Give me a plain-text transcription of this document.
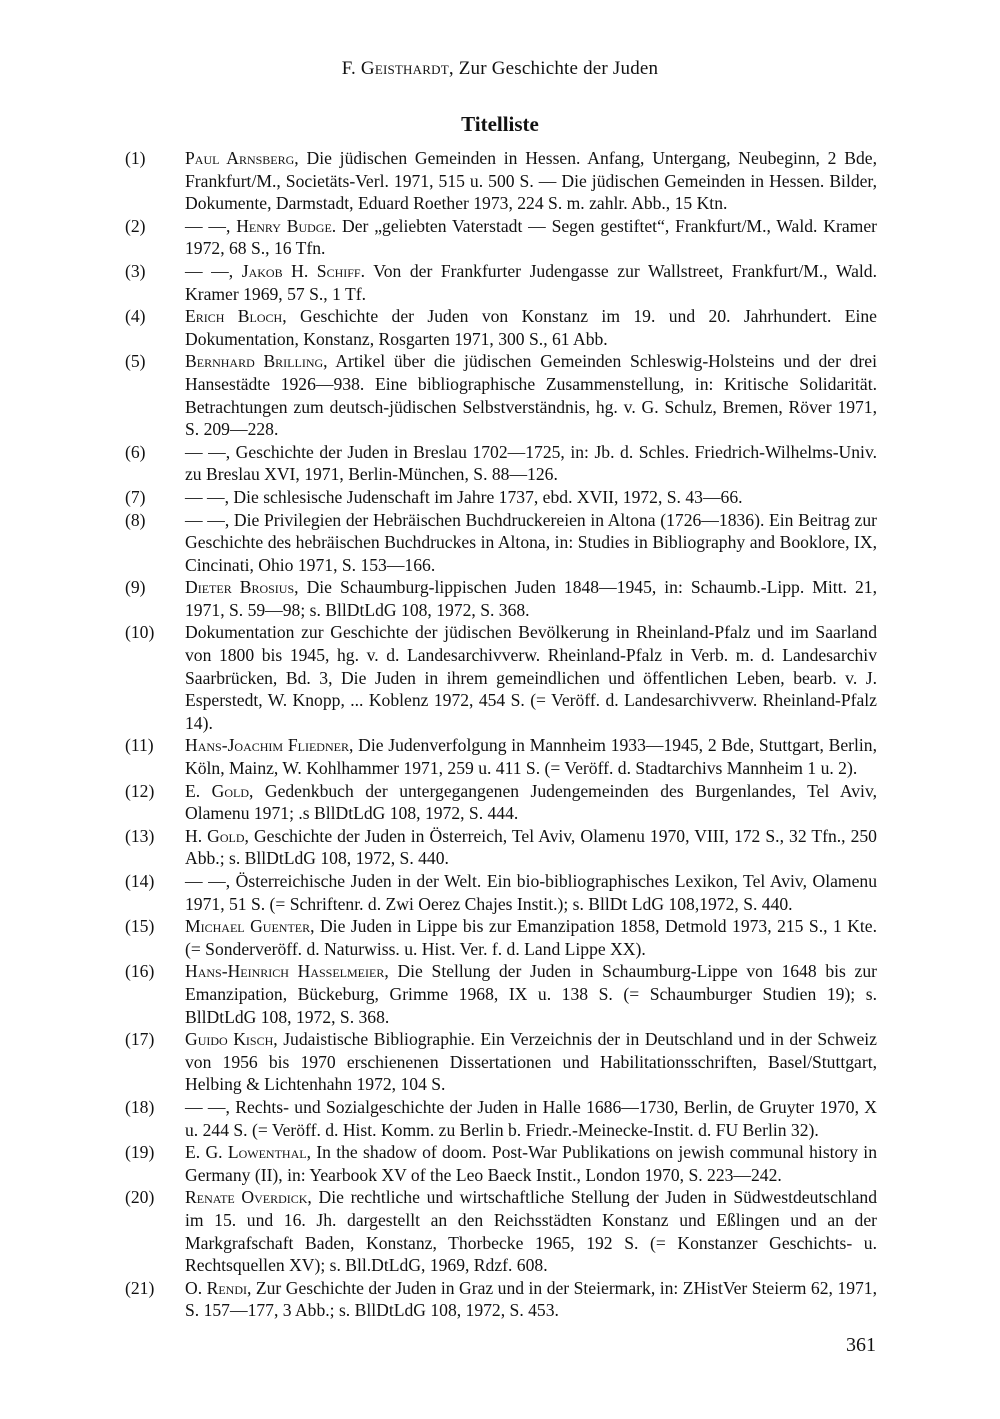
F. Geisthardt, Zur Geschichte der Juden
Titelliste
(1)	Paul Arnsberg, Die jüdischen Gemeinden in Hessen. Anfang, Untergang, Neubeginn, 2 Bde, Frankfurt/M., Societäts-Verl. 1971, 515 u. 500 S. — Die jüdischen Gemeinden in Hessen. Bilder, Dokumente, Darmstadt, Eduard Roether 1973, 224 S. m. zahlr. Abb., 15 Ktn.
(2)	— —, Henry Budge. Der „geliebten Vaterstadt — Segen gestiftet“, Frankfurt/M., Wald. Kramer 1972, 68 S., 16 Tfn.
(3)	— —, Jakob H. Schiff. Von der Frankfurter Judengasse zur Wallstreet, Frankfurt/M., Wald. Kramer 1969, 57 S., 1 Tf.
(4)	Erich Bloch, Geschichte der Juden von Konstanz im 19. und 20. Jahrhundert. Eine Dokumentation, Konstanz, Rosgarten 1971, 300 S., 61 Abb.
(5)	Bernhard Brilling, Artikel über die jüdischen Gemeinden Schleswig-Holsteins und der drei Hansestädte 1926—938. Eine bibliographische Zusammenstellung, in: Kritische Solidarität. Betrachtungen zum deutsch-jüdischen Selbstverständnis, hg. v. G. Schulz, Bremen, Röver 1971, S. 209—228.
(6)	— —, Geschichte der Juden in Breslau 1702—1725, in: Jb. d. Schles. Friedrich-Wilhelms-Univ. zu Breslau XVI, 1971, Berlin-München, S. 88—126.
(7)	— —, Die schlesische Judenschaft im Jahre 1737, ebd. XVII, 1972, S. 43—66.
(8)	— —, Die Privilegien der Hebräischen Buchdruckereien in Altona (1726—1836). Ein Beitrag zur Geschichte des hebräischen Buchdruckes in Altona, in: Studies in Bibliography and Booklore, IX, Cincinati, Ohio 1971, S. 153—166.
(9)	Dieter Brosius, Die Schaumburg-lippischen Juden 1848—1945, in: Schaumb.-Lipp. Mitt. 21, 1971, S. 59—98; s. BllDtLdG 108, 1972, S. 368.
(10)	Dokumentation zur Geschichte der jüdischen Bevölkerung in Rheinland-Pfalz und im Saarland von 1800 bis 1945, hg. v. d. Landesarchivverw. Rheinland-Pfalz in Verb. m. d. Landesarchiv Saarbrücken, Bd. 3, Die Juden in ihrem gemeindlichen und öffentlichen Leben, bearb. v. J. Esperstedt, W. Knopp, ... Koblenz 1972, 454 S. (= Veröff. d. Landesarchivverw. Rheinland-Pfalz 14).
(11)	Hans-Joachim Fliedner, Die Judenverfolgung in Mannheim 1933—1945, 2 Bde, Stuttgart, Berlin, Köln, Mainz, W. Kohlhammer 1971, 259 u. 411 S. (= Veröff. d. Stadtarchivs Mannheim 1 u. 2).
(12)	E. Gold, Gedenkbuch der untergegangenen Judengemeinden des Burgenlandes, Tel Aviv, Olamenu 1971; .s BllDtLdG 108, 1972, S. 444.
(13)	H. Gold, Geschichte der Juden in Österreich, Tel Aviv, Olamenu 1970, VIII, 172 S., 32 Tfn., 250 Abb.; s. BllDtLdG 108, 1972, S. 440.
(14)	— —, Österreichische Juden in der Welt. Ein bio-bibliographisches Lexikon, Tel Aviv, Olamenu 1971, 51 S. (= Schriftenr. d. Zwi Oerez Chajes Instit.); s. BllDt LdG 108,1972, S. 440.
(15)	Michael Guenter, Die Juden in Lippe bis zur Emanzipation 1858, Detmold 1973, 215 S., 1 Kte. (= Sonderveröff. d. Naturwiss. u. Hist. Ver. f. d. Land Lippe XX).
(16)	Hans-Heinrich Hasselmeier, Die Stellung der Juden in Schaumburg-Lippe von 1648 bis zur Emanzipation, Bückeburg, Grimme 1968, IX u. 138 S. (= Schaumburger Studien 19); s. BllDtLdG 108, 1972, S. 368.
(17)	Guido Kisch, Judaistische Bibliographie. Ein Verzeichnis der in Deutschland und in der Schweiz von 1956 bis 1970 erschienenen Dissertationen und Habilitationsschriften, Basel/Stuttgart, Helbing & Lichtenhahn 1972, 104 S.
(18)	— —, Rechts- und Sozialgeschichte der Juden in Halle 1686—1730, Berlin, de Gruyter 1970, X u. 244 S. (= Veröff. d. Hist. Komm. zu Berlin b. Friedr.-Meinecke-Instit. d. FU Berlin 32).
(19)	E. G. Lowenthal, In the shadow of doom. Post-War Publikations on jewish communal history in Germany (II), in: Yearbook XV of the Leo Baeck Instit., London 1970, S. 223—242.
(20)	Renate Overdick, Die rechtliche und wirtschaftliche Stellung der Juden in Südwestdeutschland im 15. und 16. Jh. dargestellt an den Reichsstädten Konstanz und Eßlingen und an der Markgrafschaft Baden, Konstanz, Thorbecke 1965, 192 S. (= Konstanzer Geschichts- u. Rechtsquellen XV); s. Bll.DtLdG, 1969, Rdzf. 608.
(21)	O. Rendi, Zur Geschichte der Juden in Graz und in der Steiermark, in: ZHistVer Steierm 62, 1971, S. 157—177, 3 Abb.; s. BllDtLdG 108, 1972, S. 453.
361
